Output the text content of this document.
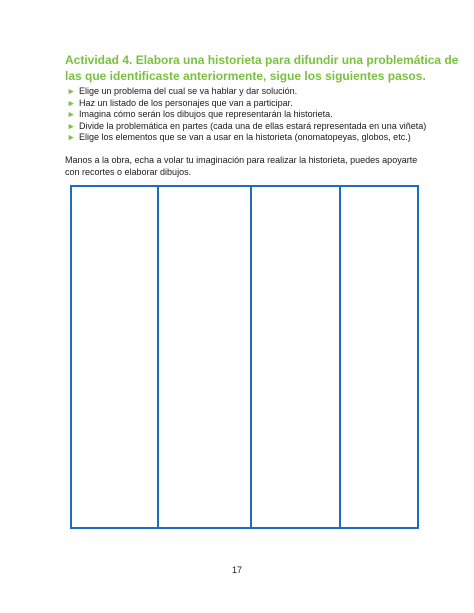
Actividad 4. Elabora una historieta para difundir una problemática de
las que identificaste anteriormente, sigue los siguientes pasos.
► Elige un problema del cual se va hablar y dar solución.
► Haz un listado de los personajes que van a participar.
► Imagina cómo serán los dibujos que representarán la historieta.
► Divide la problemática en partes (cada una de ellas estará representada en una viñeta)
► Elige los elementos que se van a usar en la historieta (onomatopeyas, globos, etc.)
Manos a la obra, echa a volar tu imaginación para realizar la historieta, puedes apoyarte con recortes o elaborar dibujos.
17
